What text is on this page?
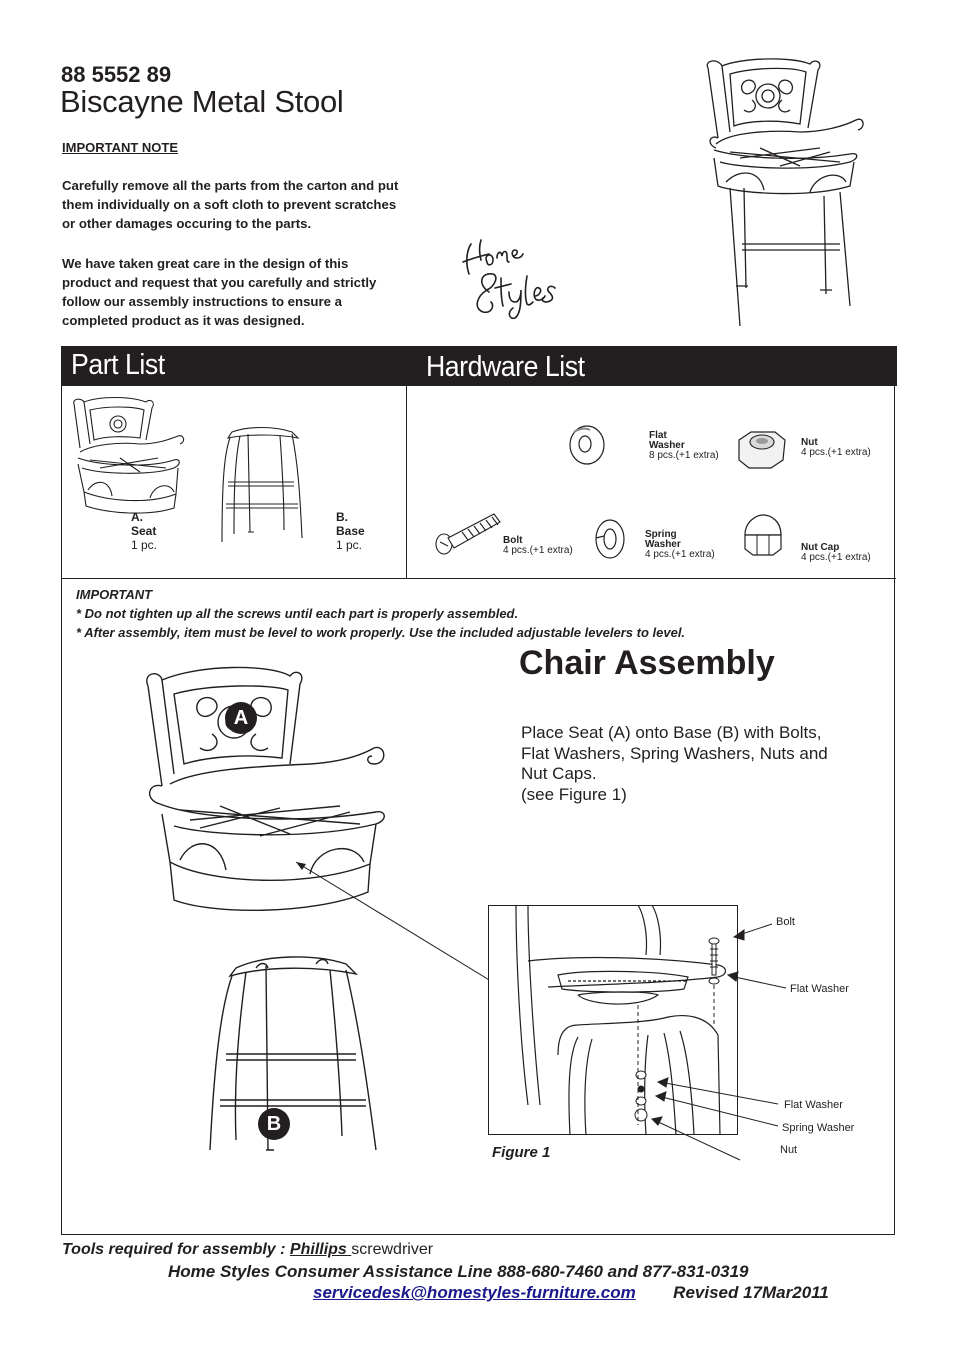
88 5552 89
Biscayne Metal Stool
IMPORTANT NOTE
Carefully remove all the parts from the carton and put
them individually on a soft cloth to prevent scratches
or other damages occuring to the parts.
We have taken great care in the design of this
product and request that you carefully and strictly
follow our assembly instructions to ensure a
completed product as it was designed.
Part List	Hardware List
A.
Seat
1 pc.
B.
Base
1 pc.
Flat
Washer
8 pcs.(+1 extra)
Nut
4 pcs.(+1 extra)
Bolt
4 pcs.(+1 extra)
Spring
Washer
4 pcs.(+1 extra)
Nut Cap
4 pcs.(+1 extra)
IMPORTANT
* Do not tighten up all the screws until each part is properly assembled.
* After assembly, item must be level to work properly. Use the included adjustable levelers to level.
Chair Assembly
Place Seat (A) onto Base (B) with Bolts,
Flat Washers, Spring Washers, Nuts and
Nut Caps.
(see Figure 1)
A
B
Bolt
Flat Washer
Flat Washer
Spring Washer
Nut
Figure 1
Tools required for assembly : Phillips screwdriver
Home Styles Consumer Assistance Line 888-680-7460 and 877-831-0319
servicedesk@homestyles-furniture.com Revised 17Mar2011
